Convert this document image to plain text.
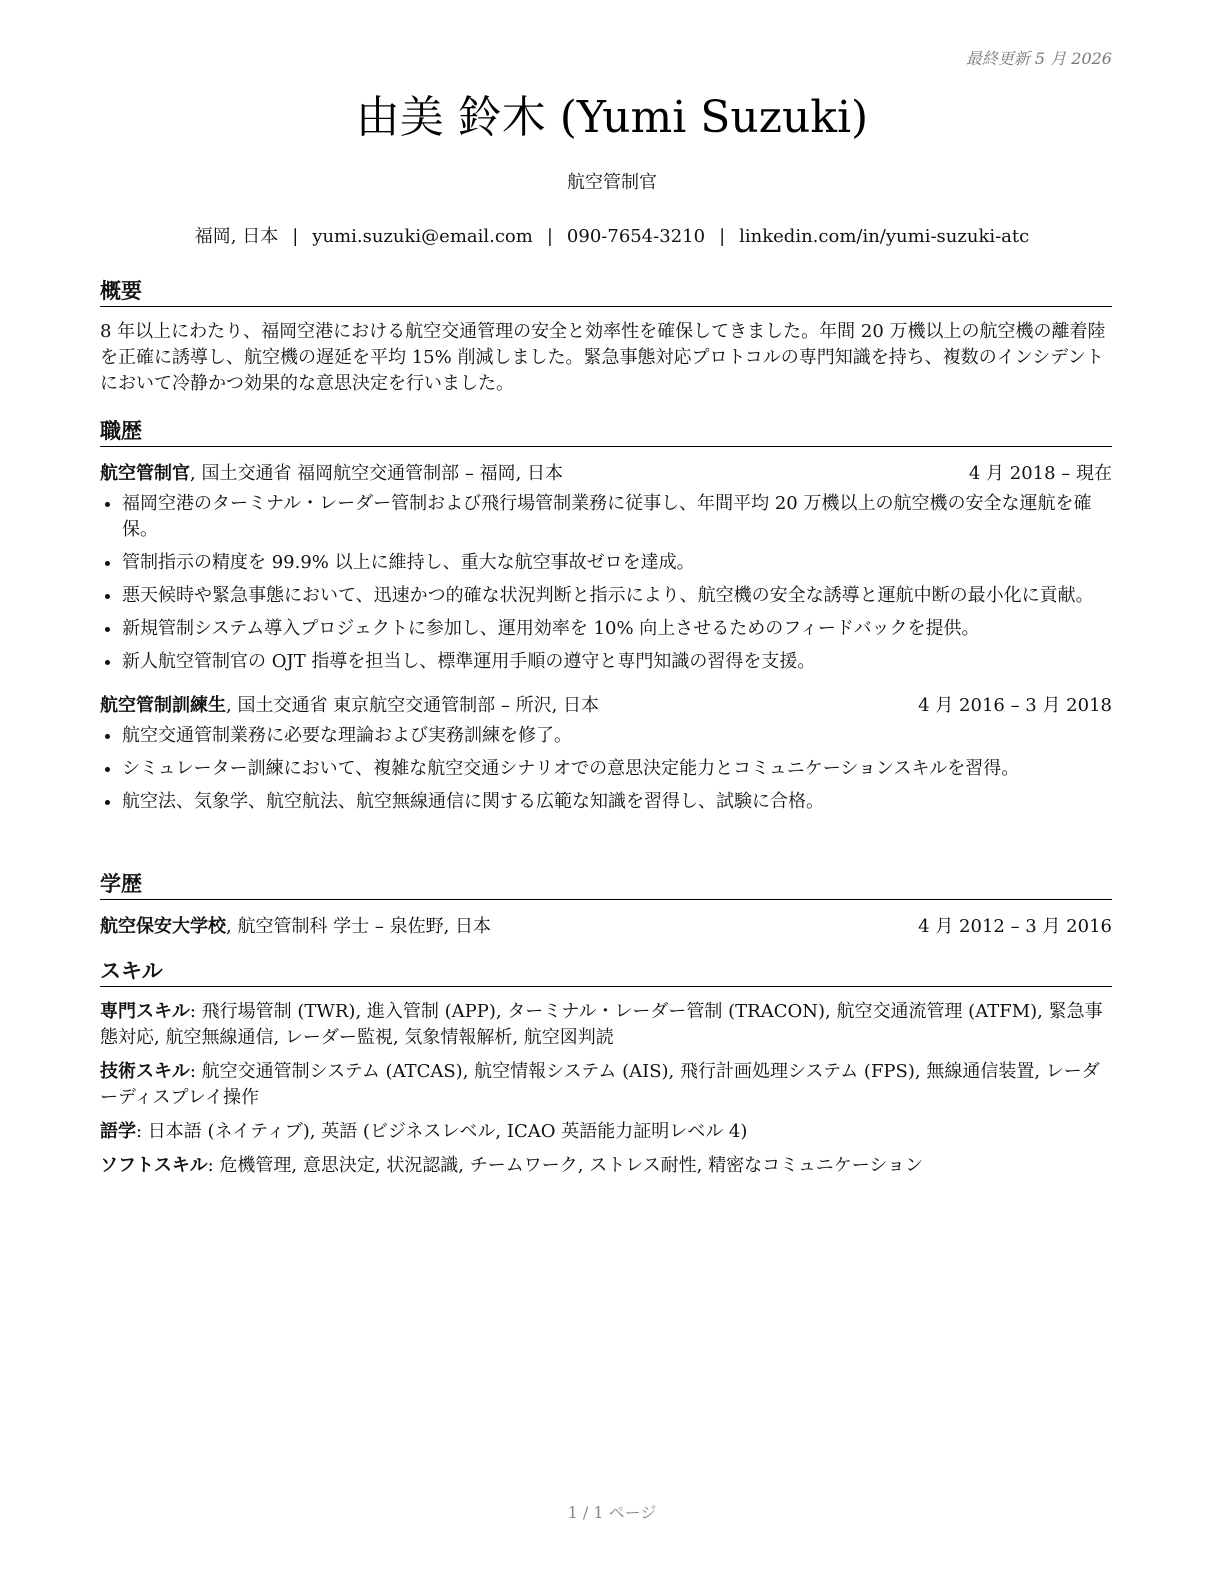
最終更新 5 月 2026
由美 鈴木 (Yumi Suzuki)
航空管制官
福岡, 日本 | yumi.suzuki@email.com | 090-7654-3210 | linkedin.com/in/yumi-suzuki-atc
概要
8 年以上にわたり、福岡空港における航空交通管理の安全と効率性を確保してきました。年間 20 万機以上の航空機の離着陸を正確に誘導し、航空機の遅延を平均 15% 削減しました。緊急事態対応プロトコルの専門知識を持ち、複数のインシデントにおいて冷静かつ効果的な意思決定を行いました。
職歴
航空管制官, 国土交通省 福岡航空交通管制部 – 福岡, 日本	4 月 2018 – 現在
• 福岡空港のターミナル・レーダー管制および飛行場管制業務に従事し、年間平均 20 万機以上の航空機の安全な運航を確保。
• 管制指示の精度を 99.9% 以上に維持し、重大な航空事故ゼロを達成。
• 悪天候時や緊急事態において、迅速かつ的確な状況判断と指示により、航空機の安全な誘導と運航中断の最小化に貢献。
• 新規管制システム導入プロジェクトに参加し、運用効率を 10% 向上させるためのフィードバックを提供。
• 新人航空管制官の OJT 指導を担当し、標準運用手順の遵守と専門知識の習得を支援。
航空管制訓練生, 国土交通省 東京航空交通管制部 – 所沢, 日本	4 月 2016 – 3 月 2018
• 航空交通管制業務に必要な理論および実務訓練を修了。
• シミュレーター訓練において、複雑な航空交通シナリオでの意思決定能力とコミュニケーションスキルを習得。
• 航空法、気象学、航空航法、航空無線通信に関する広範な知識を習得し、試験に合格。
学歴
航空保安大学校, 航空管制科 学士 – 泉佐野, 日本	4 月 2012 – 3 月 2016
スキル
専門スキル: 飛行場管制 (TWR), 進入管制 (APP), ターミナル・レーダー管制 (TRACON), 航空交通流管理 (ATFM), 緊急事態対応, 航空無線通信, レーダー監視, 気象情報解析, 航空図判読
技術スキル: 航空交通管制システム (ATCAS), 航空情報システム (AIS), 飛行計画処理システム (FPS), 無線通信装置, レーダーディスプレイ操作
語学: 日本語 (ネイティブ), 英語 (ビジネスレベル, ICAO 英語能力証明レベル 4)
ソフトスキル: 危機管理, 意思決定, 状況認識, チームワーク, ストレス耐性, 精密なコミュニケーション
1 / 1 ページ
